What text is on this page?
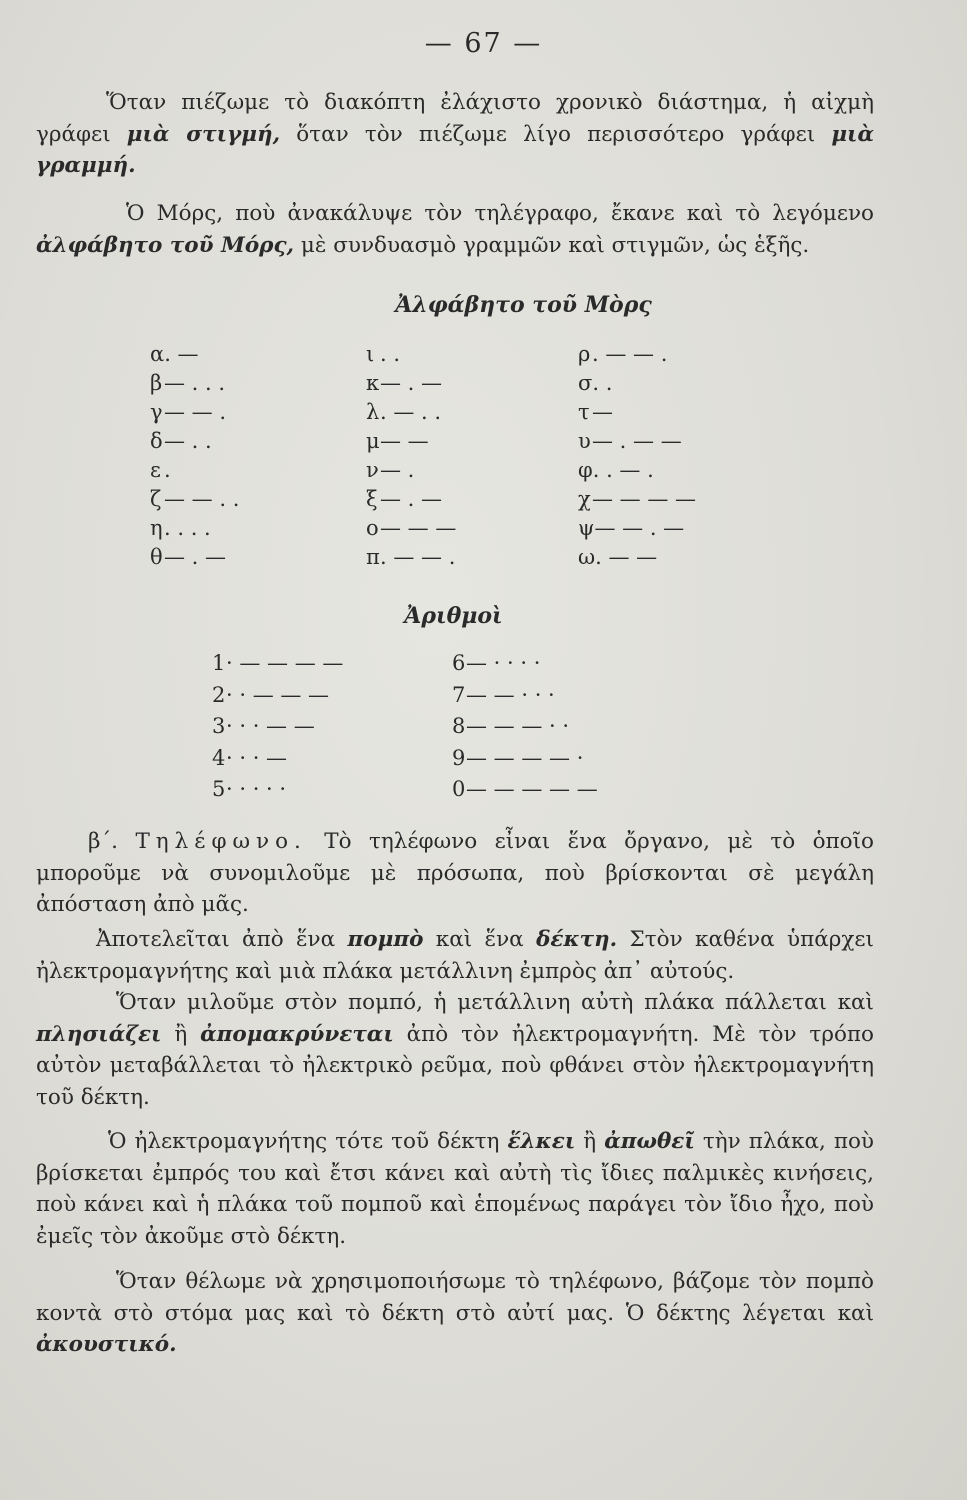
— 67 —

Ὅταν πιέζωμε τὸ διακόπτη ἐλάχιστο χρονικὸ διάστημα, ἡ αἰχμὴ γράφει μιὰ στιγμή, ὅταν τὸν πιέζωμε λίγο περισσότερο γράφει μιὰ γραμμή.

Ὁ Μόρς, ποὺ ἀνακάλυψε τὸν τηλέγραφο, ἔκανε καὶ τὸ λεγόμενο ἀλφάβητο τοῦ Μόρς, μὲ συνδυασμὸ γραμμῶν καὶ στιγμῶν, ὡς ἑξῆς.

Ἀλφάβητο τοῦ Μὸρς
α . —
β — . . .
γ — — .
δ — . .
ε .
ζ — — . .
η . . . .
θ — . —
ι . .
κ — . —
λ . — . .
μ — —
ν — .
ξ — . —
ο — — —
π . — — .
ρ . — — .
σ . .
τ —
υ — . — —
φ . . — .
χ — — — —
ψ — — . —
ω . — —
Ἀριθμοὶ
1 · — — — —
2 · · — — —
3 · · · — —
4 · · · —
5 · · · · ·
6 — · · · ·
7 — — · · ·
8 — — — · ·
9 — — — — ·
0 — — — — —

β΄. Τηλέφωνο. Τὸ τηλέφωνο εἶναι ἕνα ὄργανο, μὲ τὸ ὁποῖο μποροῦμε νὰ συνομιλοῦμε μὲ πρόσωπα, ποὺ βρίσκονται σὲ μεγάλη ἀπόσταση ἀπὸ μᾶς.

Ἀποτελεῖται ἀπὸ ἕνα πομπὸ καὶ ἕνα δέκτη. Στὸν καθένα ὑπάρχει ἠλεκτρομαγνήτης καὶ μιὰ πλάκα μετάλλινη ἐμπρὸς ἀπ᾿ αὐτούς.

Ὅταν μιλοῦμε στὸν πομπό, ἡ μετάλλινη αὐτὴ πλάκα πάλλεται καὶ πλησιάζει ἢ ἀπομακρύνεται ἀπὸ τὸν ἠλεκτρομαγνήτη. Μὲ τὸν τρόπο αὐτὸν μεταβάλλεται τὸ ἠλεκτρικὸ ρεῦμα, ποὺ φθάνει στὸν ἠλεκτρομαγνήτη τοῦ δέκτη.

Ὁ ἠλεκτρομαγνήτης τότε τοῦ δέκτη ἕλκει ἢ ἀπωθεῖ τὴν πλάκα, ποὺ βρίσκεται ἐμπρός του καὶ ἔτσι κάνει καὶ αὐτὴ τὶς ἴδιες παλμικὲς κινήσεις, ποὺ κάνει καὶ ἡ πλάκα τοῦ πομποῦ καὶ ἑπομένως παράγει τὸν ἴδιο ἦχο, ποὺ ἐμεῖς τὸν ἀκοῦμε στὸ δέκτη.

Ὅταν θέλωμε νὰ χρησιμοποιήσωμε τὸ τηλέφωνο, βάζομε τὸν πομπὸ κοντὰ στὸ στόμα μας καὶ τὸ δέκτη στὸ αὐτί μας. Ὁ δέκτης λέγεται καὶ ἀκουστικό.
